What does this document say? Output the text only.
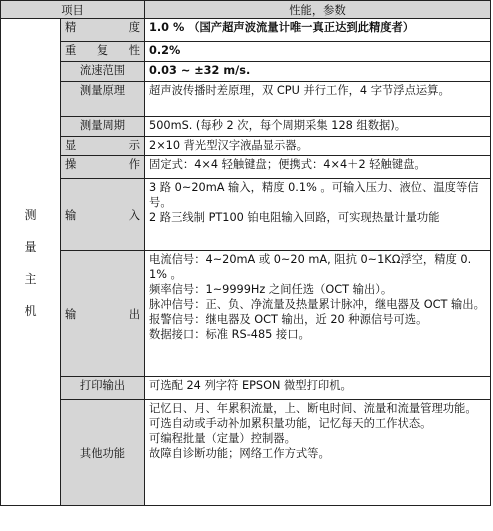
项目		性能，参数

测
量
主
机	精　　度	1.0 % （国产超声波流量计唯一真正达到此精度者）
	重 复 性	0.2%
	流速范围	0.03 ~ ±32 m/s.
	测量原理	超声波传播时差原理，双 CPU 并行工作，4 字节浮点运算。
	测量周期	500mS. (每秒 2 次，每个周期采集 128 组数据)。
	显　　示	2×10 背光型汉字液晶显示器。
	操　　作	固定式：4×4 轻触键盘；便携式：4×4＋2 轻触键盘。
	输　　入	3 路 0~20mA 输入，精度 0.1% 。可输入压力、液位、温度等信号。
2 路三线制 PT100 铂电阻输入回路，可实现热量计量功能

	输　　出	电流信号：4~20mA 或 0~20 mA, 阻抗 0~1KΩ浮空，精度 0.1% 。
频率信号：1~9999Hz 之间任选（OCT 输出）。
脉冲信号：正、负、净流量及热量累计脉冲，继电器及 OCT 输出。
报警信号：继电器及 OCT 输出，近 20 种源信号可选。
数据接口：标准 RS-485 接口。

	打印输出	可选配 24 列字符 EPSON 微型打印机。
	其他功能	记忆日、月、年累积流量，上、断电时间、流量和流量管理功能。
可选自动或手动补加累积量功能，记忆每天的工作状态。
可编程批量（定量）控制器。
故障自诊断功能；网络工作方式等。
